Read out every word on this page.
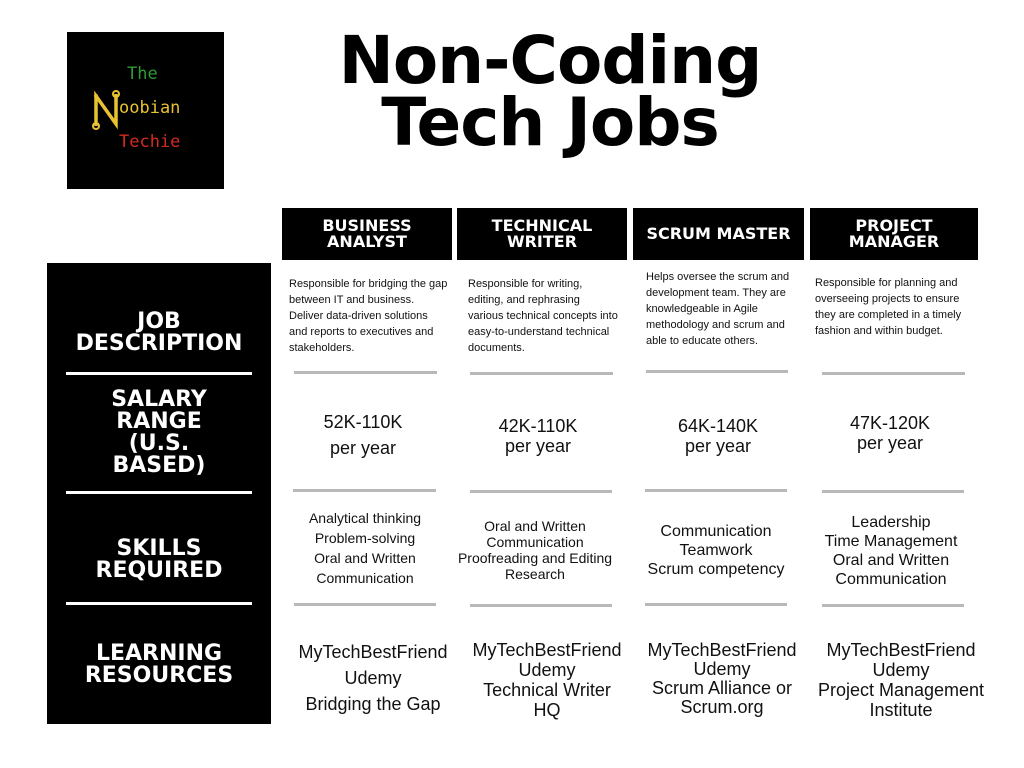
The
oobian
Techie
Non-Coding
Tech Jobs
BUSINESS ANALYST
TECHNICAL WRITER	SCRUM MASTER	PROJECT MANAGER
JOB DESCRIPTION
SALARY RANGE (U.S. BASED)
SKILLS REQUIRED
LEARNING RESOURCES
Responsible for bridging the gap between IT and business. Deliver data-driven solutions and reports to executives and stakeholders.
Responsible for writing, editing, and rephrasing various technical concepts into easy-to-understand technical documents.
Helps oversee the scrum and development team. They are knowledgeable in Agile methodology and scrum and able to educate others.
Responsible for planning and overseeing projects to ensure they are completed in a timely fashion and within budget.
52K-110K
per year
42K-110K
per year
64K-140K
per year
47K-120K
per year
Analytical thinking
Problem-solving
Oral and Written
Communication
Oral and Written
Communication
Proofreading and Editing
Research
Communication
Teamwork
Scrum competency
Leadership
Time Management
Oral and Written
Communication
MyTechBestFriend
Udemy
Bridging the Gap
MyTechBestFriend
Udemy
Technical Writer
HQ
MyTechBestFriend
Udemy
Scrum Alliance or
Scrum.org
MyTechBestFriend
Udemy
Project Management
Institute
